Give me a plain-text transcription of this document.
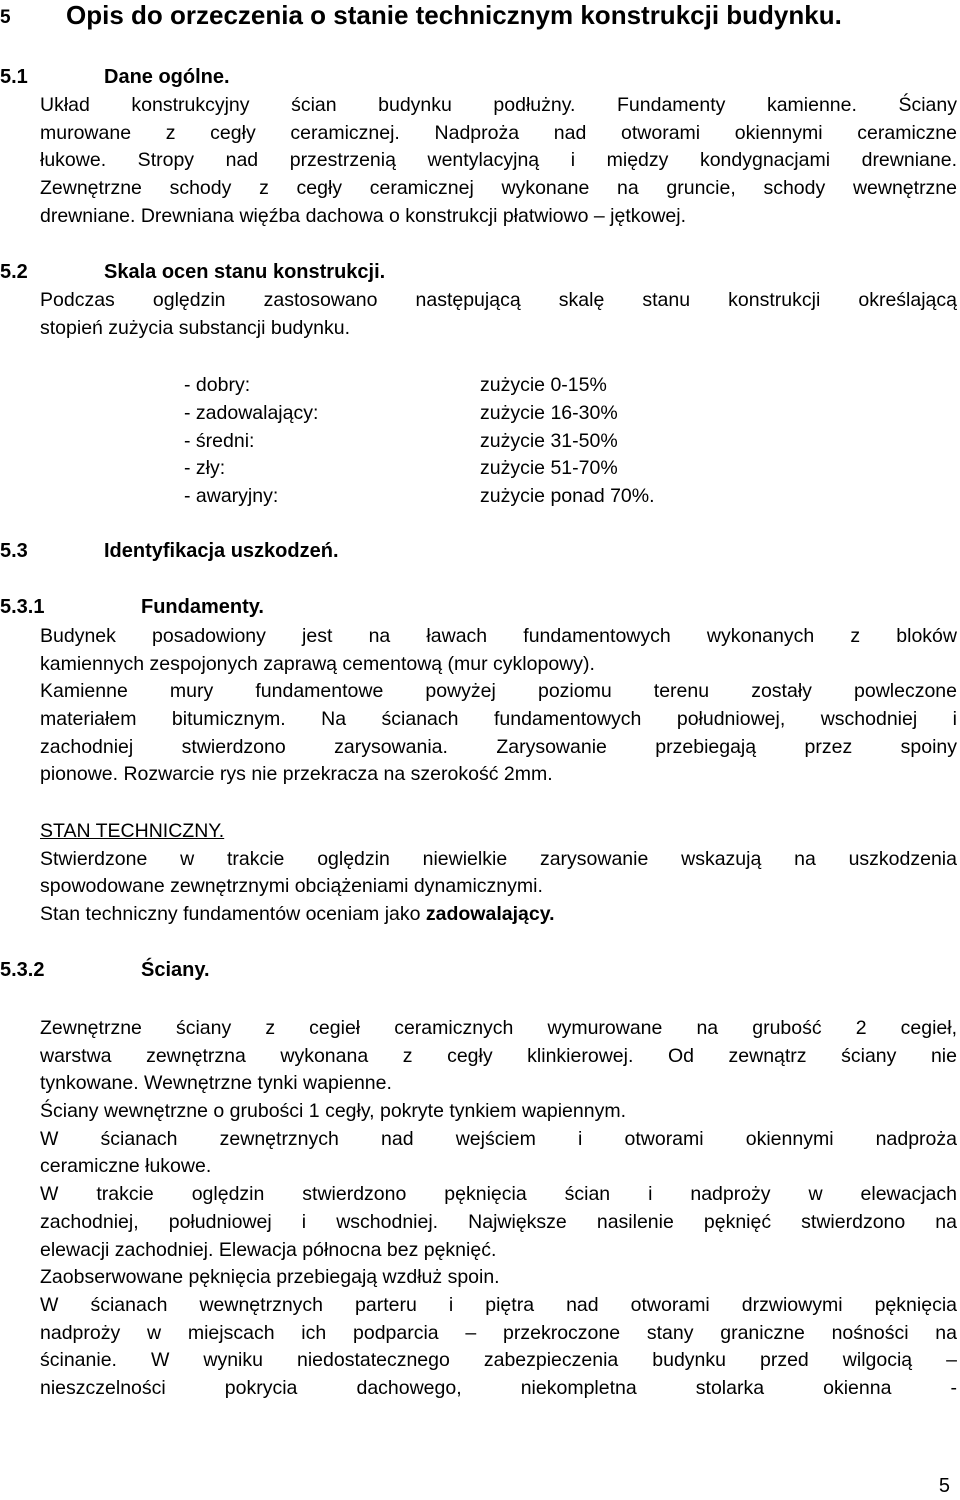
5 Opis do orzeczenia o stanie technicznym konstrukcji budynku.
5.1	Dane ogólne.
Układ konstrukcyjny ścian budynku podłużny. Fundamenty kamienne. Ściany
murowane z cegły ceramicznej. Nadproża nad otworami okiennymi ceramiczne
łukowe. Stropy nad przestrzenią wentylacyjną i między kondygnacjami drewniane.
Zewnętrzne schody z cegły ceramicznej wykonane na gruncie, schody wewnętrzne
drewniane. Drewniana więźba dachowa o konstrukcji płatwiowo – jętkowej.
5.2	Skala ocen stanu konstrukcji.
Podczas oględzin zastosowano następującą skalę stanu konstrukcji określającą
stopień zużycia substancji budynku.
- dobry:	zużycie 0-15%
- zadowalający:	zużycie 16-30%
- średni:	zużycie 31-50%
- zły:	zużycie 51-70%
- awaryjny:	zużycie ponad 70%.
5.3	Identyfikacja uszkodzeń.
5.3.1	Fundamenty.
Budynek posadowiony jest na ławach fundamentowych wykonanych z bloków
kamiennych zespojonych zaprawą cementową (mur cyklopowy).
Kamienne mury fundamentowe powyżej poziomu terenu zostały powleczone
materiałem bitumicznym. Na ścianach fundamentowych południowej, wschodniej i
zachodniej stwierdzono zarysowania. Zarysowanie przebiegają przez spoiny
pionowe. Rozwarcie rys nie przekracza na szerokość 2mm.
STAN TECHNICZNY.
Stwierdzone w trakcie oględzin niewielkie zarysowanie wskazują na uszkodzenia
spowodowane zewnętrznymi obciążeniami dynamicznymi.
Stan techniczny fundamentów oceniam jako zadowalający.
5.3.2	Ściany.
Zewnętrzne ściany z cegieł ceramicznych wymurowane na grubość 2 cegieł,
warstwa zewnętrzna wykonana z cegły klinkierowej. Od zewnątrz ściany nie
tynkowane. Wewnętrzne tynki wapienne.
Ściany wewnętrzne o grubości 1 cegły, pokryte tynkiem wapiennym.
W ścianach zewnętrznych nad wejściem i otworami okiennymi nadproża
ceramiczne łukowe.
W trakcie oględzin stwierdzono pęknięcia ścian i nadproży w elewacjach
zachodniej, południowej i wschodniej. Największe nasilenie pęknięć stwierdzono na
elewacji zachodniej. Elewacja północna bez pęknięć.
Zaobserwowane pęknięcia przebiegają wzdłuż spoin.
W ścianach wewnętrznych parteru i piętra nad otworami drzwiowymi pęknięcia
nadproży w miejscach ich podparcia – przekroczone stany graniczne nośności na
ścinanie. W wyniku niedostatecznego zabezpieczenia budynku przed wilgocią –
nieszczelności pokrycia dachowego, niekompletna stolarka okienna -
5
